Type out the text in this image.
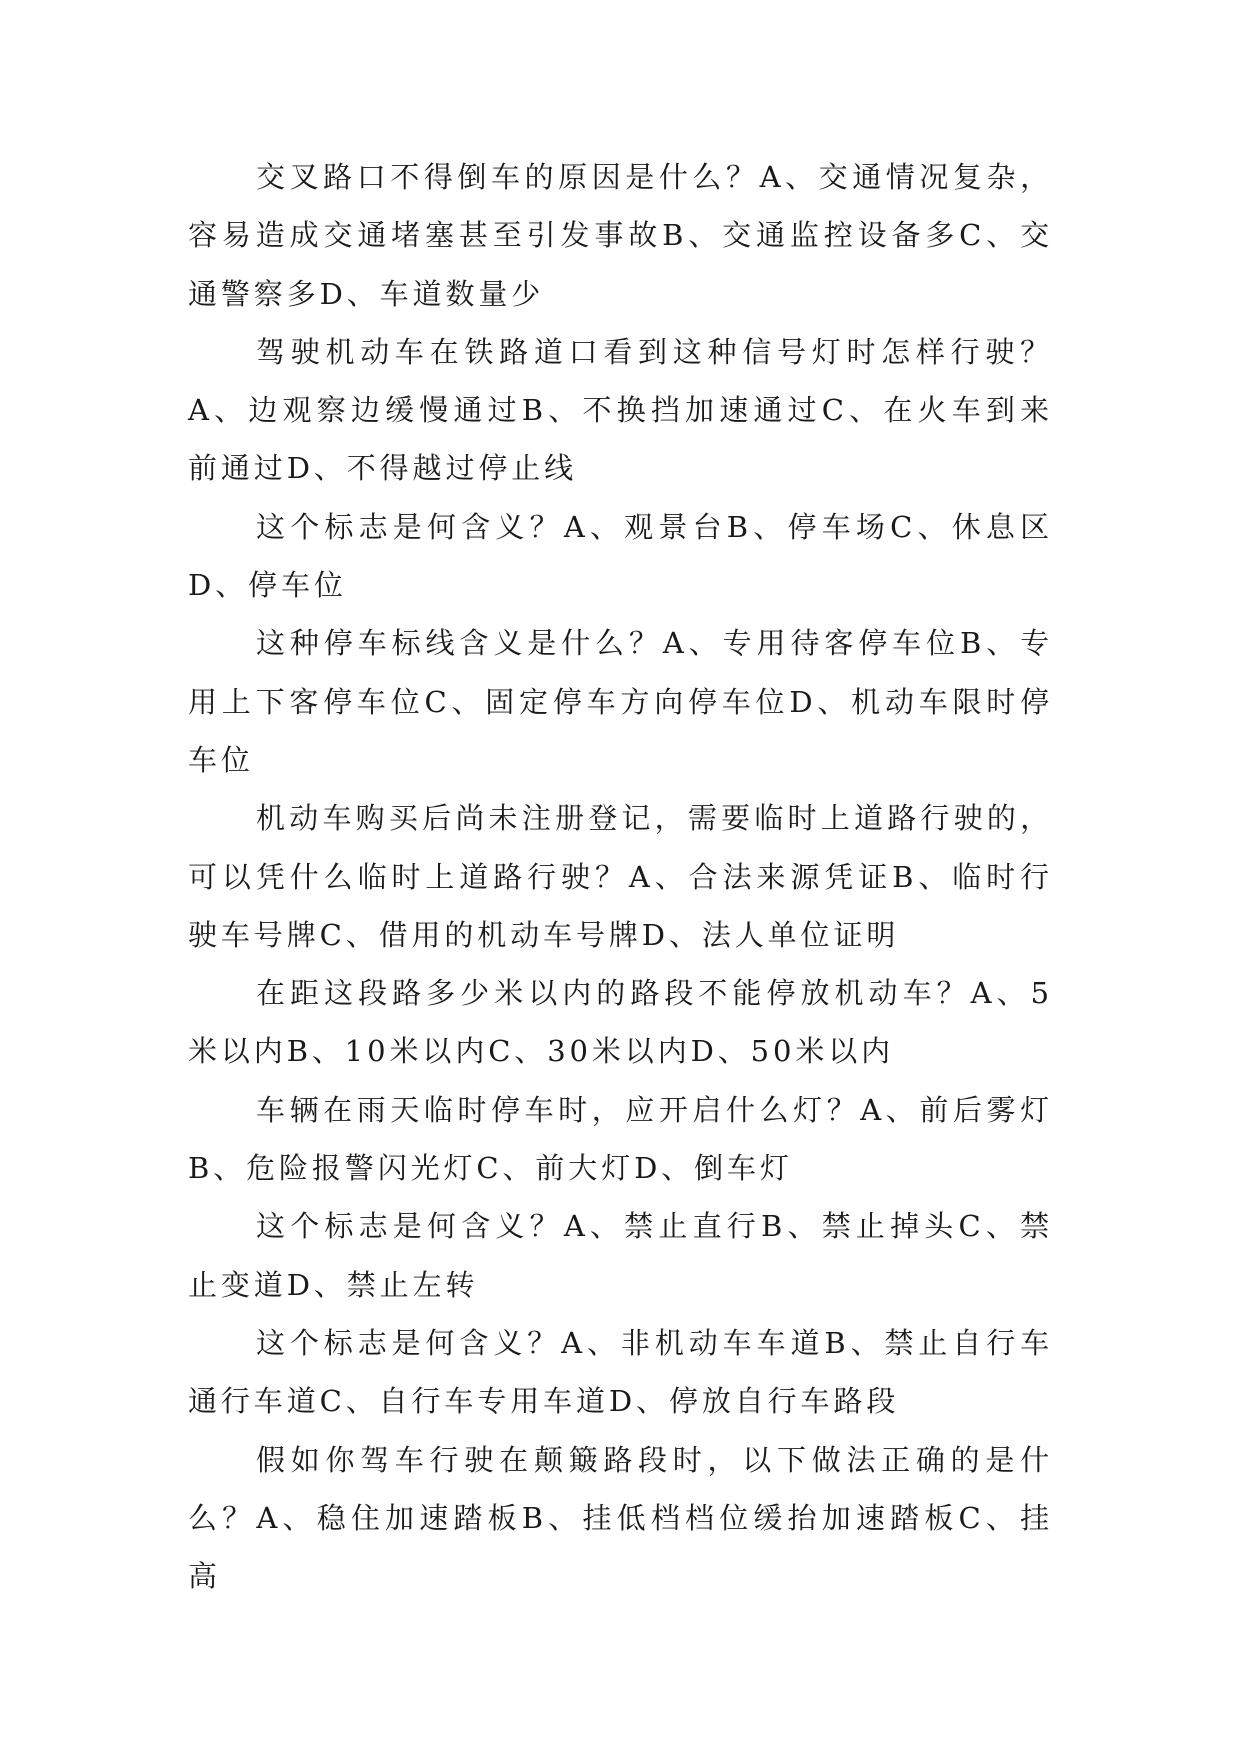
交叉路口不得倒车的原因是什么？A、交通情况复杂，容易造成交通堵塞甚至引发事故B、交通监控设备多C、交通警察多D、车道数量少

驾驶机动车在铁路道口看到这种信号灯时怎样行驶？A、边观察边缓慢通过B、不换挡加速通过C、在火车到来前通过D、不得越过停止线

这个标志是何含义？A、观景台B、停车场C、休息区D、停车位

这种停车标线含义是什么？A、专用待客停车位B、专用上下客停车位C、固定停车方向停车位D、机动车限时停车位

机动车购买后尚未注册登记，需要临时上道路行驶的，可以凭什么临时上道路行驶？A、合法来源凭证B、临时行驶车号牌C、借用的机动车号牌D、法人单位证明

在距这段路多少米以内的路段不能停放机动车？A、5米以内B、10米以内C、30米以内D、50米以内

车辆在雨天临时停车时，应开启什么灯？A、前后雾灯B、危险报警闪光灯C、前大灯D、倒车灯

这个标志是何含义？A、禁止直行B、禁止掉头C、禁止变道D、禁止左转

这个标志是何含义？A、非机动车车道B、禁止自行车通行车道C、自行车专用车道D、停放自行车路段

假如你驾车行驶在颠簸路段时，以下做法正确的是什么？A、稳住加速踏板B、挂低档档位缓抬加速踏板C、挂高
